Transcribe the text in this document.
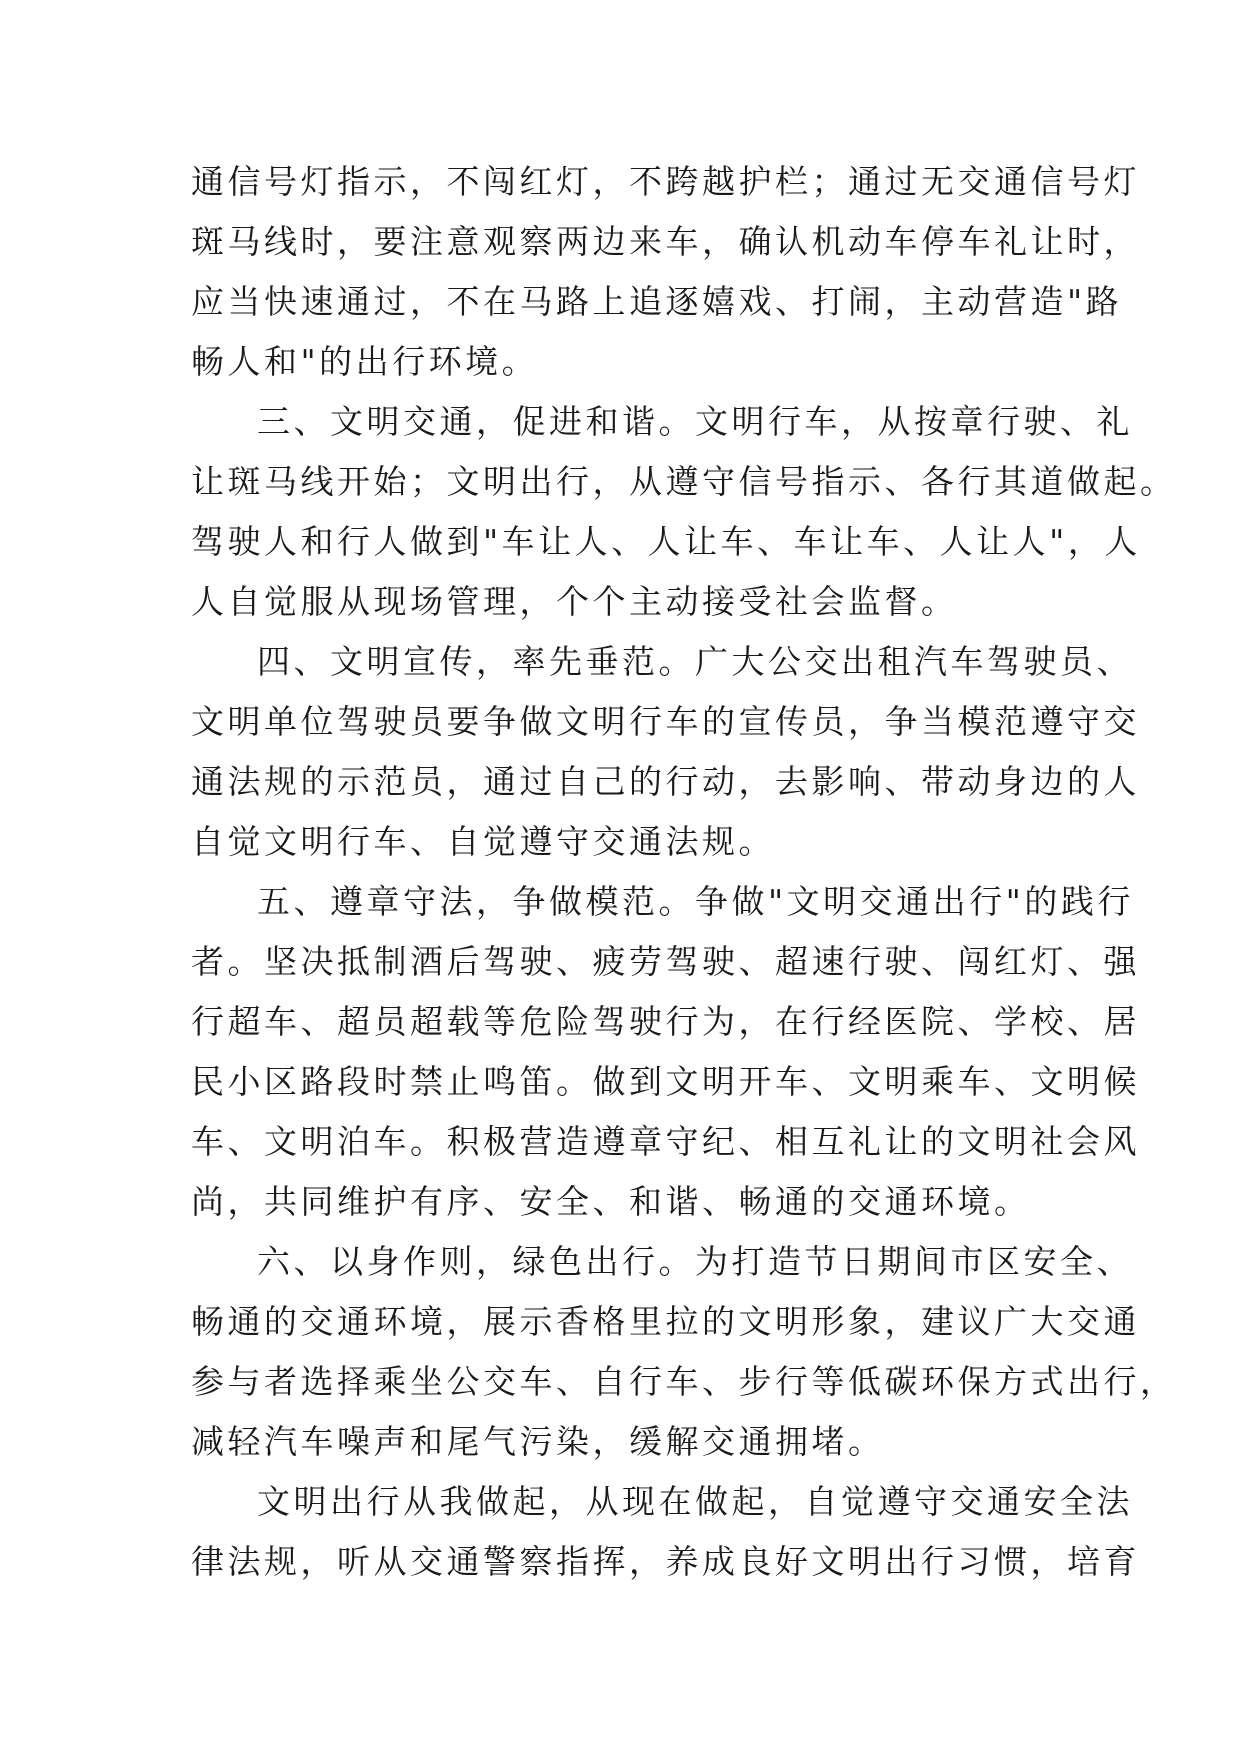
通信号灯指示，不闯红灯，不跨越护栏；通过无交通信号灯
斑马线时，要注意观察两边来车，确认机动车停车礼让时，
应当快速通过，不在马路上追逐嬉戏、打闹，主动营造"路
畅人和"的出行环境。
三、文明交通，促进和谐。文明行车，从按章行驶、礼
让斑马线开始；文明出行，从遵守信号指示、各行其道做起。
驾驶人和行人做到"车让人、人让车、车让车、人让人"，人
人自觉服从现场管理，个个主动接受社会监督。
四、文明宣传，率先垂范。广大公交出租汽车驾驶员、
文明单位驾驶员要争做文明行车的宣传员，争当模范遵守交
通法规的示范员，通过自己的行动，去影响、带动身边的人
自觉文明行车、自觉遵守交通法规。
五、遵章守法，争做模范。争做"文明交通出行"的践行
者。坚决抵制酒后驾驶、疲劳驾驶、超速行驶、闯红灯、强
行超车、超员超载等危险驾驶行为，在行经医院、学校、居
民小区路段时禁止鸣笛。做到文明开车、文明乘车、文明候
车、文明泊车。积极营造遵章守纪、相互礼让的文明社会风
尚，共同维护有序、安全、和谐、畅通的交通环境。
六、以身作则，绿色出行。为打造节日期间市区安全、
畅通的交通环境，展示香格里拉的文明形象，建议广大交通
参与者选择乘坐公交车、自行车、步行等低碳环保方式出行，
减轻汽车噪声和尾气污染，缓解交通拥堵。
文明出行从我做起，从现在做起，自觉遵守交通安全法
律法规，听从交通警察指挥，养成良好文明出行习惯，培育
